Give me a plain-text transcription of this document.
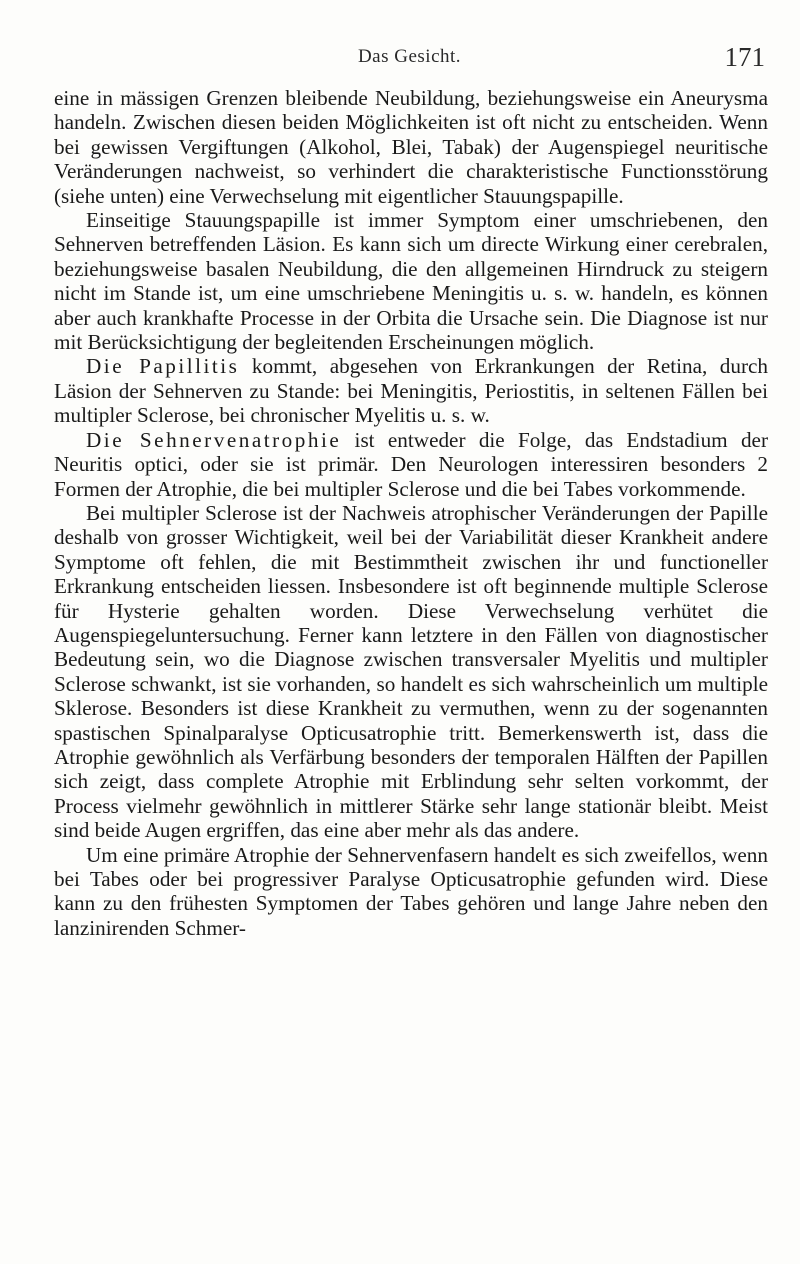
Das Gesicht.	171

eine in mässigen Grenzen bleibende Neubildung, beziehungsweise ein Aneurysma handeln. Zwischen diesen beiden Möglichkeiten ist oft nicht zu entscheiden. Wenn bei gewissen Vergiftungen (Alkohol, Blei, Tabak) der Augenspiegel neuritische Veränderungen nachweist, so verhindert die charakteristische Functionsstörung (siehe unten) eine Verwechselung mit eigentlicher Stauungspapille.

Einseitige Stauungspapille ist immer Symptom einer umschriebenen, den Sehnerven betreffenden Läsion. Es kann sich um directe Wirkung einer cerebralen, beziehungsweise basalen Neubildung, die den allgemeinen Hirndruck zu steigern nicht im Stande ist, um eine umschriebene Meningitis u. s. w. handeln, es können aber auch krankhafte Processe in der Orbita die Ursache sein. Die Diagnose ist nur mit Berücksichtigung der begleitenden Erscheinungen möglich.

Die Papillitis kommt, abgesehen von Erkrankungen der Retina, durch Läsion der Sehnerven zu Stande: bei Meningitis, Periostitis, in seltenen Fällen bei multipler Sclerose, bei chronischer Myelitis u. s. w.

Die Sehnervenatrophie ist entweder die Folge, das Endstadium der Neuritis optici, oder sie ist primär. Den Neurologen interessiren besonders 2 Formen der Atrophie, die bei multipler Sclerose und die bei Tabes vorkommende.

Bei multipler Sclerose ist der Nachweis atrophischer Veränderungen der Papille deshalb von grosser Wichtigkeit, weil bei der Variabilität dieser Krankheit andere Symptome oft fehlen, die mit Bestimmtheit zwischen ihr und functioneller Erkrankung entscheiden liessen. Insbesondere ist oft beginnende multiple Sclerose für Hysterie gehalten worden. Diese Verwechselung verhütet die Augenspiegeluntersuchung. Ferner kann letztere in den Fällen von diagnostischer Bedeutung sein, wo die Diagnose zwischen transversaler Myelitis und multipler Sclerose schwankt, ist sie vorhanden, so handelt es sich wahrscheinlich um multiple Sklerose. Besonders ist diese Krankheit zu vermuthen, wenn zu der sogenannten spastischen Spinalparalyse Opticusatrophie tritt. Bemerkenswerth ist, dass die Atrophie gewöhnlich als Verfärbung besonders der temporalen Hälften der Papillen sich zeigt, dass complete Atrophie mit Erblindung sehr selten vorkommt, der Process vielmehr gewöhnlich in mittlerer Stärke sehr lange stationär bleibt. Meist sind beide Augen ergriffen, das eine aber mehr als das andere.

Um eine primäre Atrophie der Sehnervenfasern handelt es sich zweifellos, wenn bei Tabes oder bei progressiver Paralyse Opticusatrophie gefunden wird. Diese kann zu den frühesten Symptomen der Tabes gehören und lange Jahre neben den lanzinirenden Schmer-
